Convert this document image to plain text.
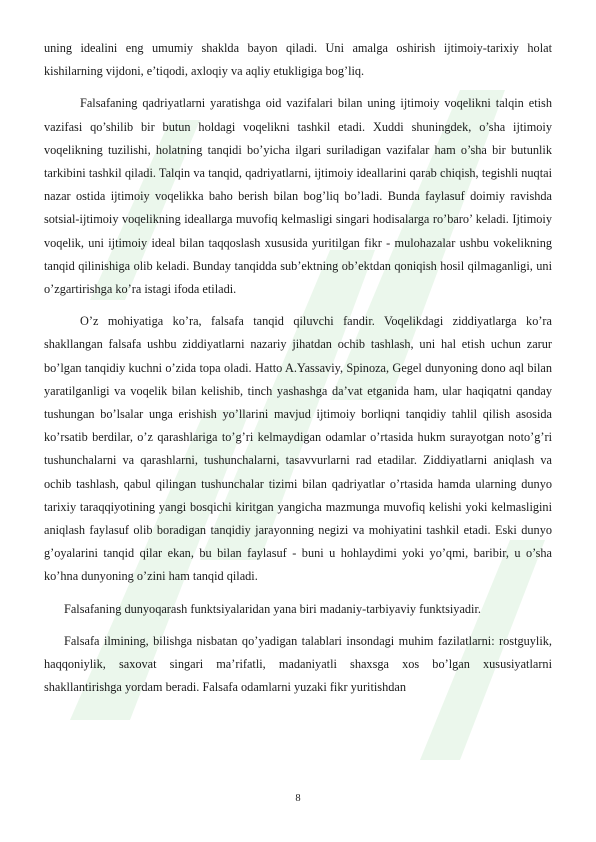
uning idealini eng umumiy shaklda bayon qiladi. Uni amalga oshirish ijtimoiy-tarixiy holat kishilarning vijdoni, e’tiqodi, axloqiy va aqliy etukligiga bog’liq.

Falsafaning qadriyatlarni yaratishga oid vazifalari bilan uning ijtimoiy voqelikni talqin etish vazifasi qo’shilib bir butun holdagi voqelikni tashkil etadi. Xuddi shuningdek, o’sha ijtimoiy voqelikning tuzilishi, holatning tanqidi bo’yicha ilgari suriladigan vazifalar ham o’sha bir butunlik tarkibini tashkil qiladi. Talqin va tanqid, qadriyatlarni, ijtimoiy ideallarini qarab chiqish, tegishli nuqtai nazar ostida ijtimoiy voqelikka baho berish bilan bog’liq bo’ladi. Bunda faylasuf doimiy ravishda sotsial-ijtimoiy voqelikning ideallarga muvofiq kelmasligi singari hodisalarga ro’baro’ keladi. Ijtimoiy voqelik, uni ijtimoiy ideal bilan taqqoslash xususida yuritilgan fikr - mulohazalar ushbu vokelikning tanqid qilinishiga olib keladi. Bunday tanqidda sub’ektning ob’ektdan qoniqish hosil qilmaganligi, uni o’zgartirishga ko’ra istagi ifoda etiladi.

O’z mohiyatiga ko’ra, falsafa tanqid qiluvchi fandir. Voqelikdagi ziddiyatlarga ko’ra shakllangan falsafa ushbu ziddiyatlarni nazariy jihatdan ochib tashlash, uni hal etish uchun zarur bo’lgan tanqidiy kuchni o’zida topa oladi. Hatto A.Yassaviy, Spinoza, Gegel dunyoning dono aql bilan yaratilganligi va voqelik bilan kelishib, tinch yashashga da’vat etganida ham, ular haqiqatni qanday tushungan bo’lsalar unga erishish yo’llarini mavjud ijtimoiy borliqni tanqidiy tahlil qilish asosida ko’rsatib berdilar, o’z qarashlariga to’g’ri kelmaydigan odamlar o’rtasida hukm surayotgan noto’g’ri tushunchalarni va qarashlarni, tushunchalarni, tasavvurlarni rad etadilar. Ziddiyatlarni aniqlash va ochib tashlash, qabul qilingan tushunchalar tizimi bilan qadriyatlar o’rtasida hamda ularning dunyo tarixiy taraqqiyotining yangi bosqichi kiritgan yangicha mazmunga muvofiq kelishi yoki kelmasligini aniqlash faylasuf olib boradigan tanqidiy jarayonning negizi va mohiyatini tashkil etadi. Eski dunyo g’oyalarini tanqid qilar ekan, bu bilan faylasuf - buni u hohlaydimi yoki yo’qmi, baribir, u o’sha ko’hna dunyoning o’zini ham tanqid qiladi.

Falsafaning dunyoqarash funktsiyalaridan yana biri madaniy-tarbiyaviy funktsiyadir.

Falsafa ilmining, bilishga nisbatan qo’yadigan talablari insondagi muhim fazilatlarni: rostguylik, haqqoniylik, saxovat singari ma’rifatli, madaniyatli shaxsga xos bo’lgan xususiyatlarni shakllantirishga yordam beradi. Falsafa odamlarni yuzaki fikr yuritishdan

8
